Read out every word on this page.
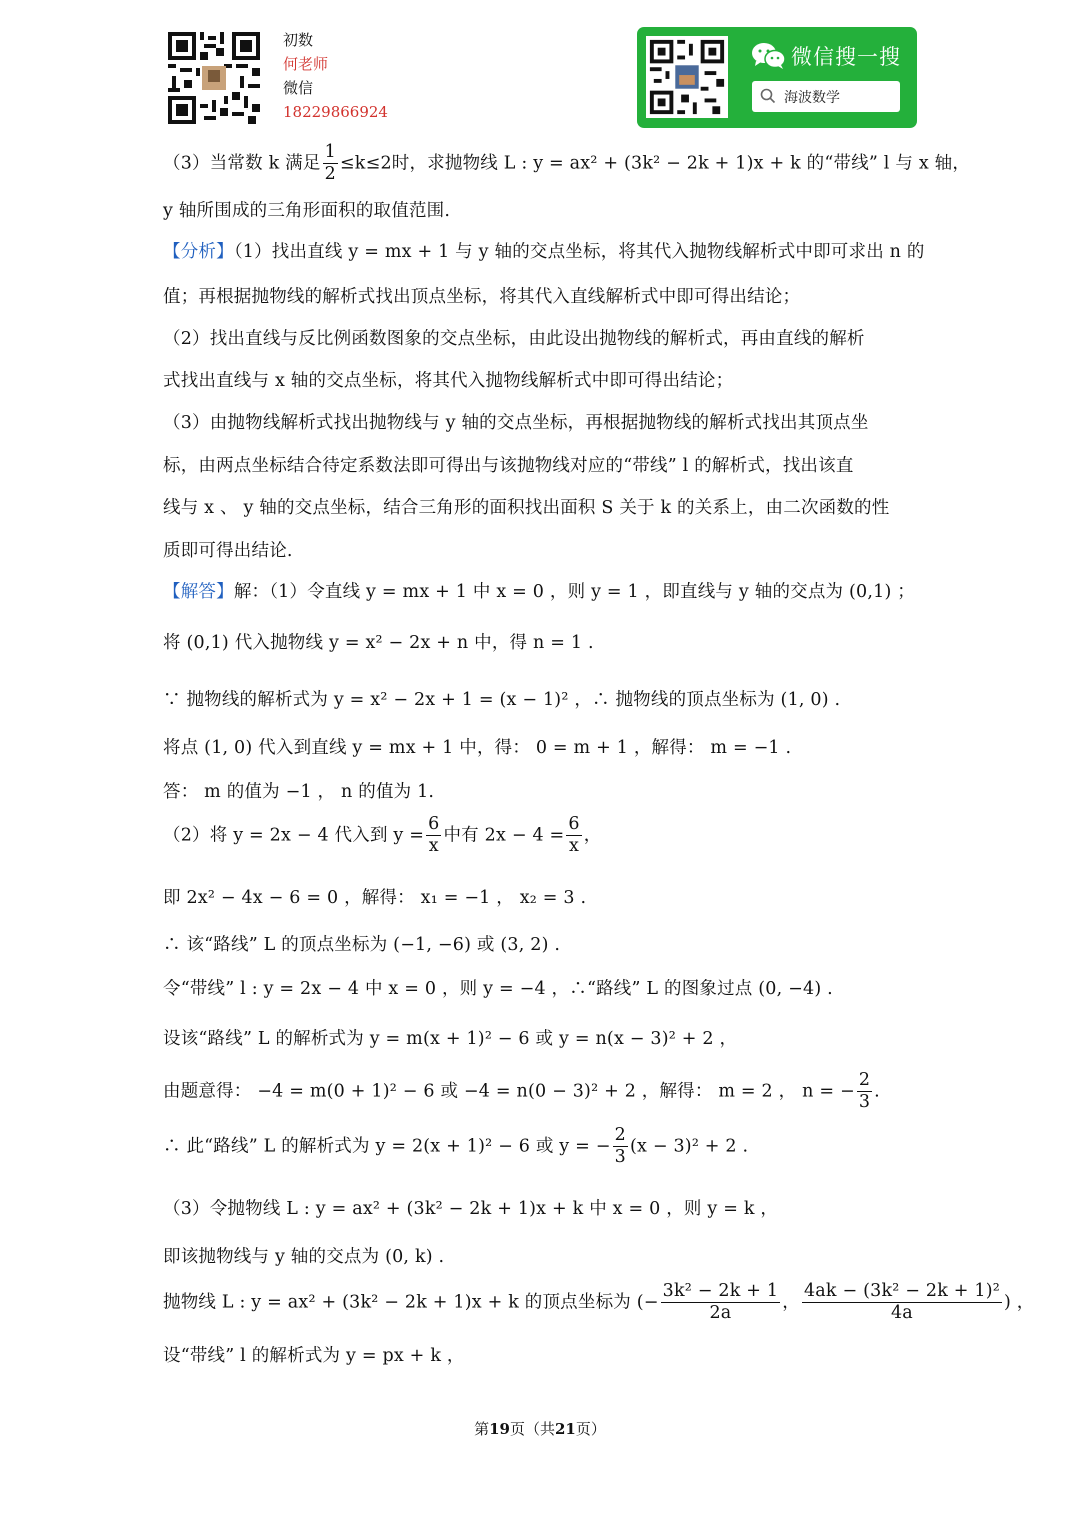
初数
何老师
微信
18229866924
微信搜一搜
海波数学
（3）当常数 k 满足 $\frac{1}{2} \le k\le 2$时，求抛物线 L : y = ax² + (3k² − 2k + 1)x + k 的“带线” l 与 x 轴，
y 轴所围成的三角形面积的取值范围.
【分析】（1）找出直线 y = mx + 1 与 y 轴的交点坐标，将其代入抛物线解析式中即可求出 n 的
值；再根据抛物线的解析式找出顶点坐标，将其代入直线解析式中即可得出结论；
（2）找出直线与反比例函数图象的交点坐标，由此设出抛物线的解析式，再由直线的解析
式找出直线与 x 轴的交点坐标，将其代入抛物线解析式中即可得出结论；
（3）由抛物线解析式找出抛物线与 y 轴的交点坐标，再根据抛物线的解析式找出其顶点坐
标，由两点坐标结合待定系数法即可得出与该抛物线对应的“带线” l 的解析式，找出该直
线与 x 、 y 轴的交点坐标，结合三角形的面积找出面积 S 关于 k 的关系上，由二次函数的性
质即可得出结论.
【解答】解：（1）令直线 y = mx + 1 中 x = 0 ，则 y = 1 ，即直线与 y 轴的交点为 (0,1) ；
将 (0,1) 代入抛物线 y = x² − 2x + n 中，得 n = 1 .
∵ 抛物线的解析式为 y = x² − 2x + 1 = (x − 1)² ，∴ 抛物线的顶点坐标为 (1, 0) .
将点 (1, 0) 代入到直线 y = mx + 1 中，得： 0 = m + 1 ，解得： m = −1 .
答： m 的值为 −1 ， n 的值为 1.
（2）将 y = 2x − 4 代入到 $y = \frac{6}{x}$ 中有 $2x - 4 = \frac{6}{x}$ ，
即 2x² − 4x − 6 = 0 ，解得： x₁ = −1 ， x₂ = 3 .
∴ 该“路线” L 的顶点坐标为 (−1, −6) 或 (3, 2) .
令“带线” l : y = 2x − 4 中 x = 0 ，则 y = −4 ，∴“路线” L 的图象过点 (0, −4) .
设该“路线” L 的解析式为 y = m(x + 1)² − 6 或 y = n(x − 3)² + 2 ，
由题意得： −4 = m(0 + 1)² − 6 或 −4 = n(0 − 3)² + 2 ，解得： m = 2 ， n = − $\frac{2}{3}$ .
∴ 此“路线” L 的解析式为 y = 2(x + 1)² − 6 或 y = − $\frac{2}{3} (x - 3)^2 + 2$ .
（3）令抛物线 L : y = ax² + (3k² − 2k + 1)x + k 中 x = 0 ，则 y = k ，
即该抛物线与 y 轴的交点为 (0, k) .
抛物线 L : y = ax² + (3k² − 2k + 1)x + k 的顶点坐标为 (− $\frac{\text{3k² − 2k + 1}}{2a}$ ， $\frac{\text{4ak − (3k² − 2k + 1)²}}{4a}$ ) ，
设“带线” l 的解析式为 y = px + k ，
第19页（共21页）
